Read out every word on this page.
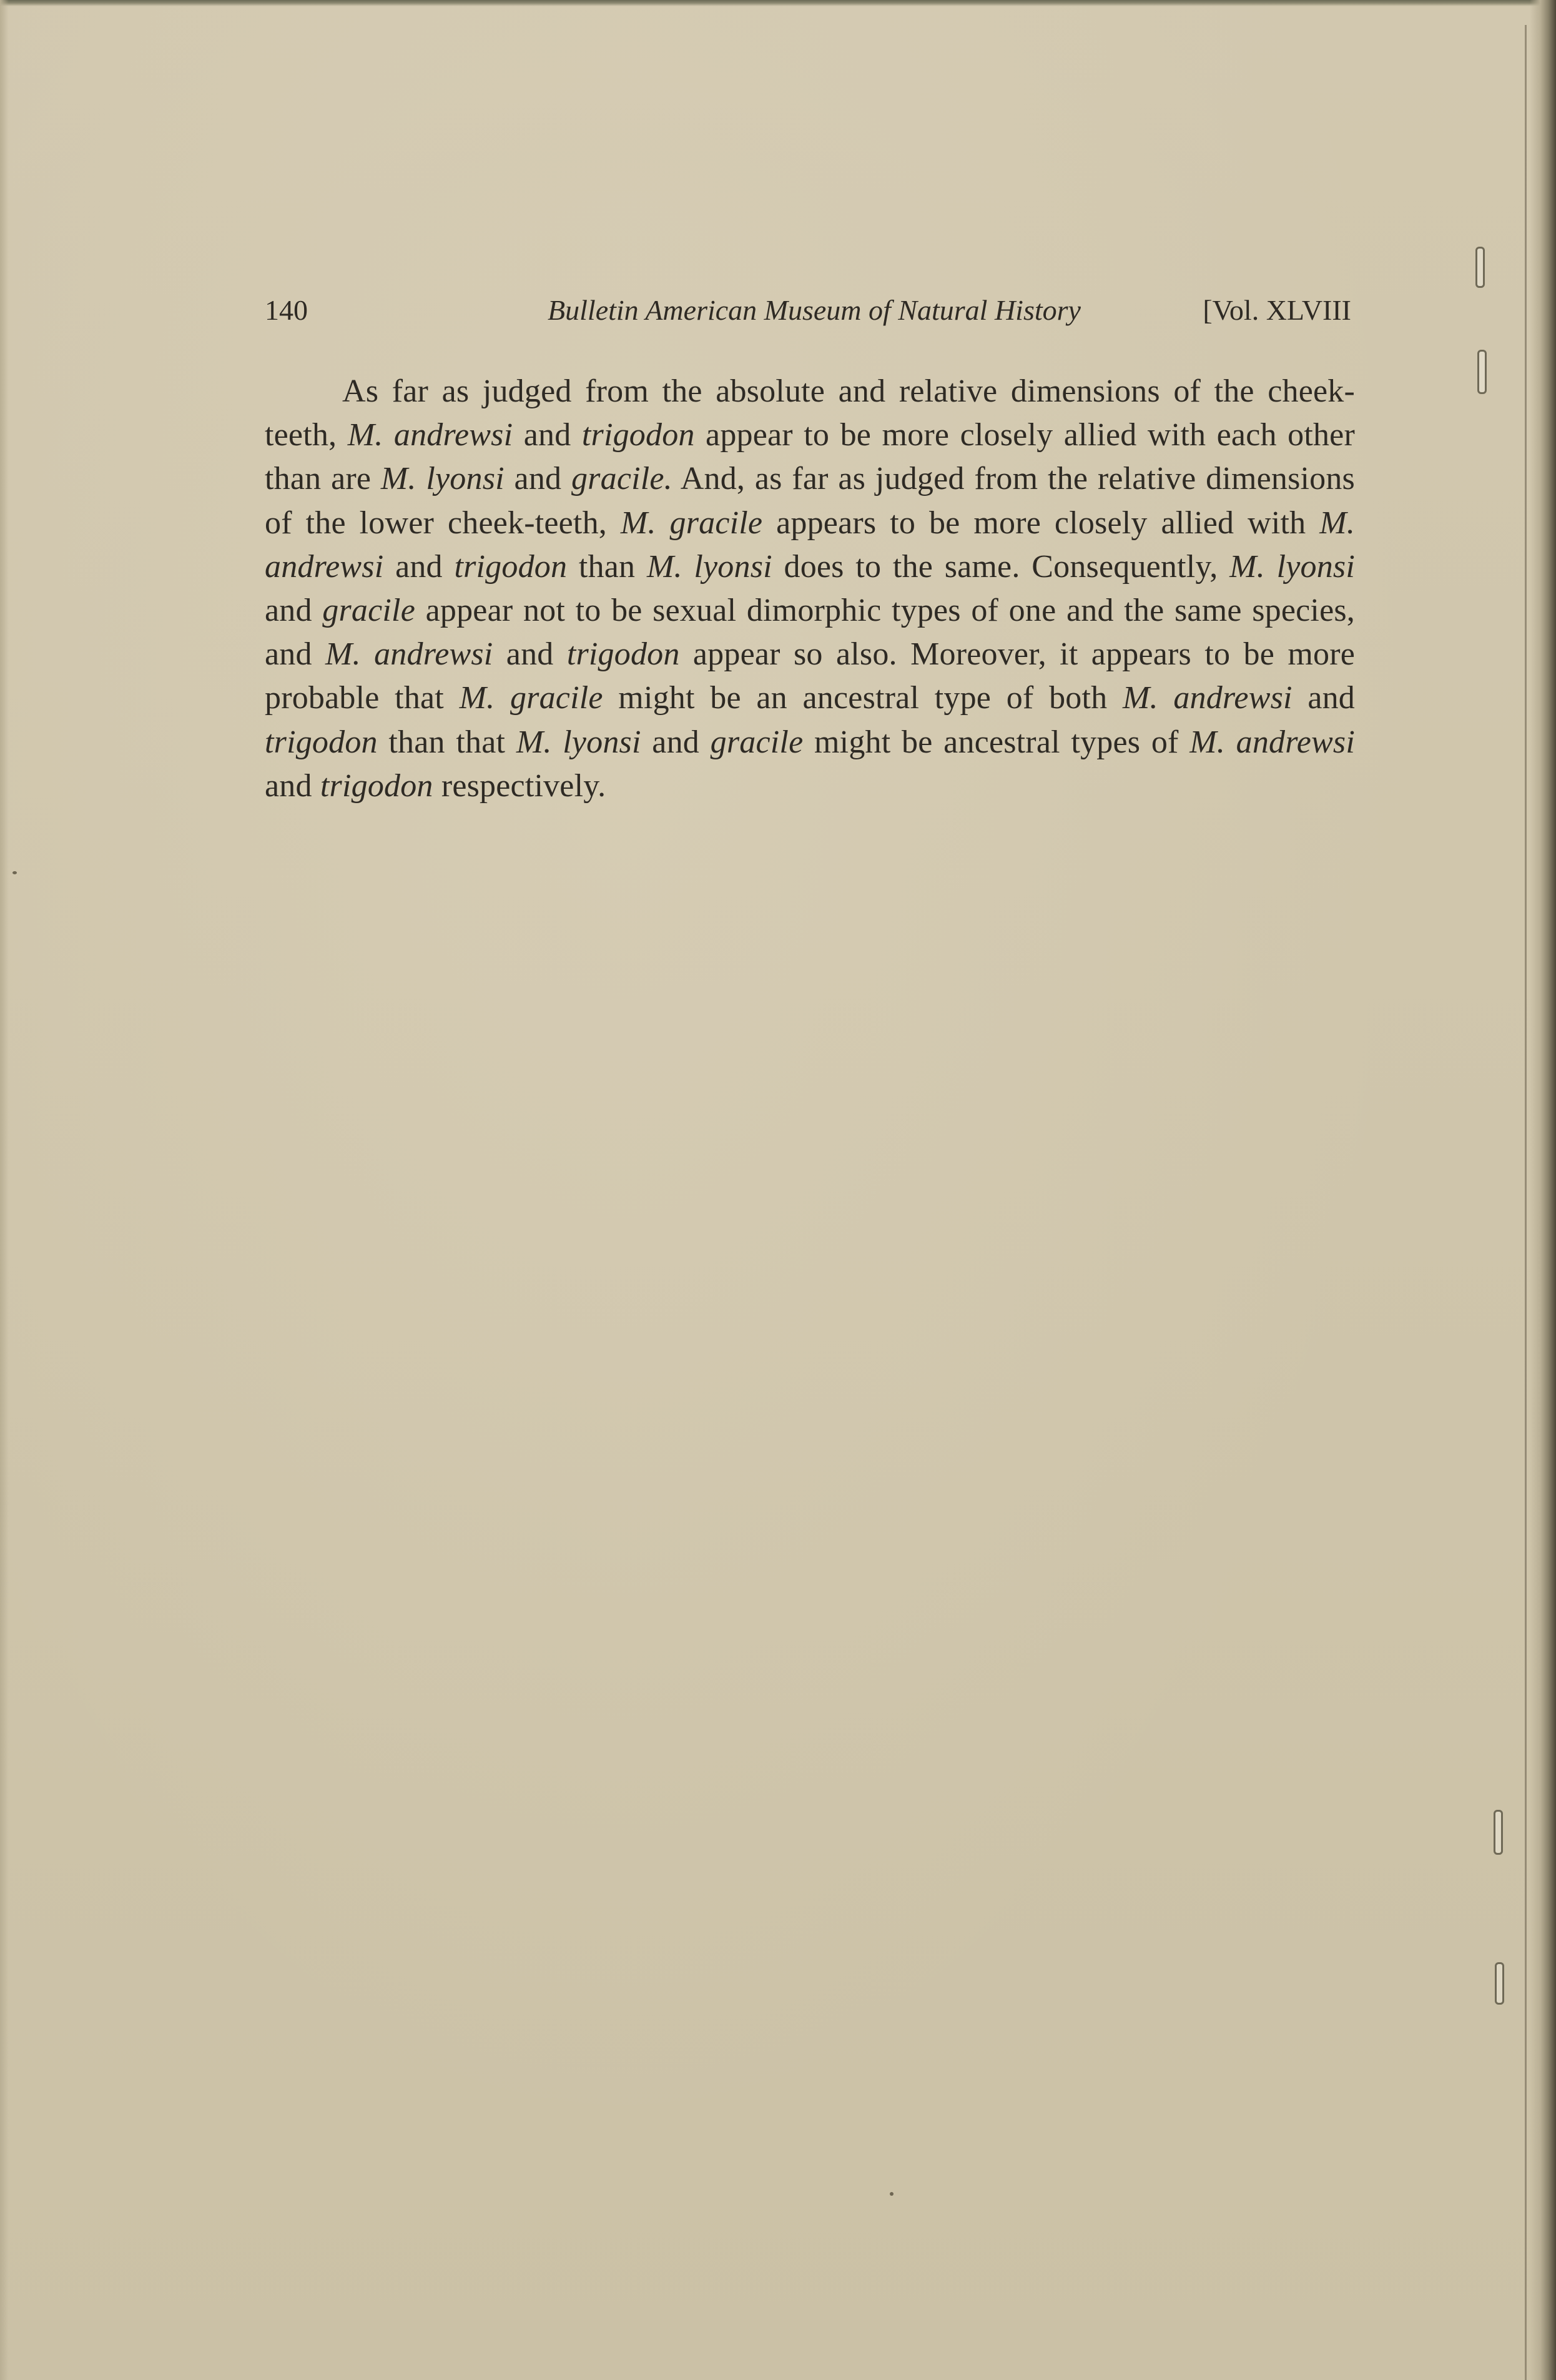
140	Bulletin American Museum of Natural History	[Vol. XLVIII

As far as judged from the absolute and relative dimensions of the cheek-teeth, M. andrewsi and trigodon appear to be more closely allied with each other than are M. lyonsi and gracile. And, as far as judged from the relative dimensions of the lower cheek-teeth, M. gracile appears to be more closely allied with M. andrewsi and trigodon than M. lyonsi does to the same. Consequently, M. lyonsi and gracile appear not to be sexual dimorphic types of one and the same species, and M. andrewsi and trigodon appear so also. Moreover, it appears to be more probable that M. gracile might be an ancestral type of both M. andrewsi and trigodon than that M. lyonsi and gracile might be ancestral types of M. andrewsi and trigodon respectively.
